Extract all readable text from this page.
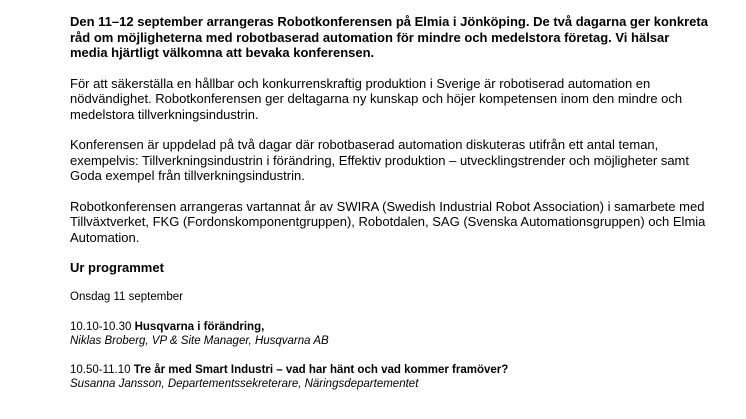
Den 11–12 september arrangeras Robotkonferensen på Elmia i Jönköping. De två dagarna ger konkreta råd om möjligheterna med robotbaserad automation för mindre och medelstora företag. Vi hälsar media hjärtligt välkomna att bevaka konferensen.

För att säkerställa en hållbar och konkurrenskraftig produktion i Sverige är robotiserad automation en nödvändighet. Robotkonferensen ger deltagarna ny kunskap och höjer kompetensen inom den mindre och medelstora tillverkningsindustrin.

Konferensen är uppdelad på två dagar där robotbaserad automation diskuteras utifrån ett antal teman, exempelvis: Tillverkningsindustrin i förändring, Effektiv produktion – utvecklingstrender och möjligheter samt Goda exempel från tillverkningsindustrin.

Robotkonferensen arrangeras vartannat år av SWIRA (Swedish Industrial Robot Association) i samarbete med Tillväxtverket, FKG (Fordonskomponentgruppen), Robotdalen, SAG (Svenska Automationsgruppen) och Elmia Automation.

Ur programmet

Onsdag 11 september

10.10-10.30 Husqvarna i förändring,
Niklas Broberg, VP & Site Manager, Husqvarna AB

10.50-11.10 Tre år med Smart Industri – vad har hänt och vad kommer framöver?
Susanna Jansson, Departementssekreterare, Näringsdepartementet
